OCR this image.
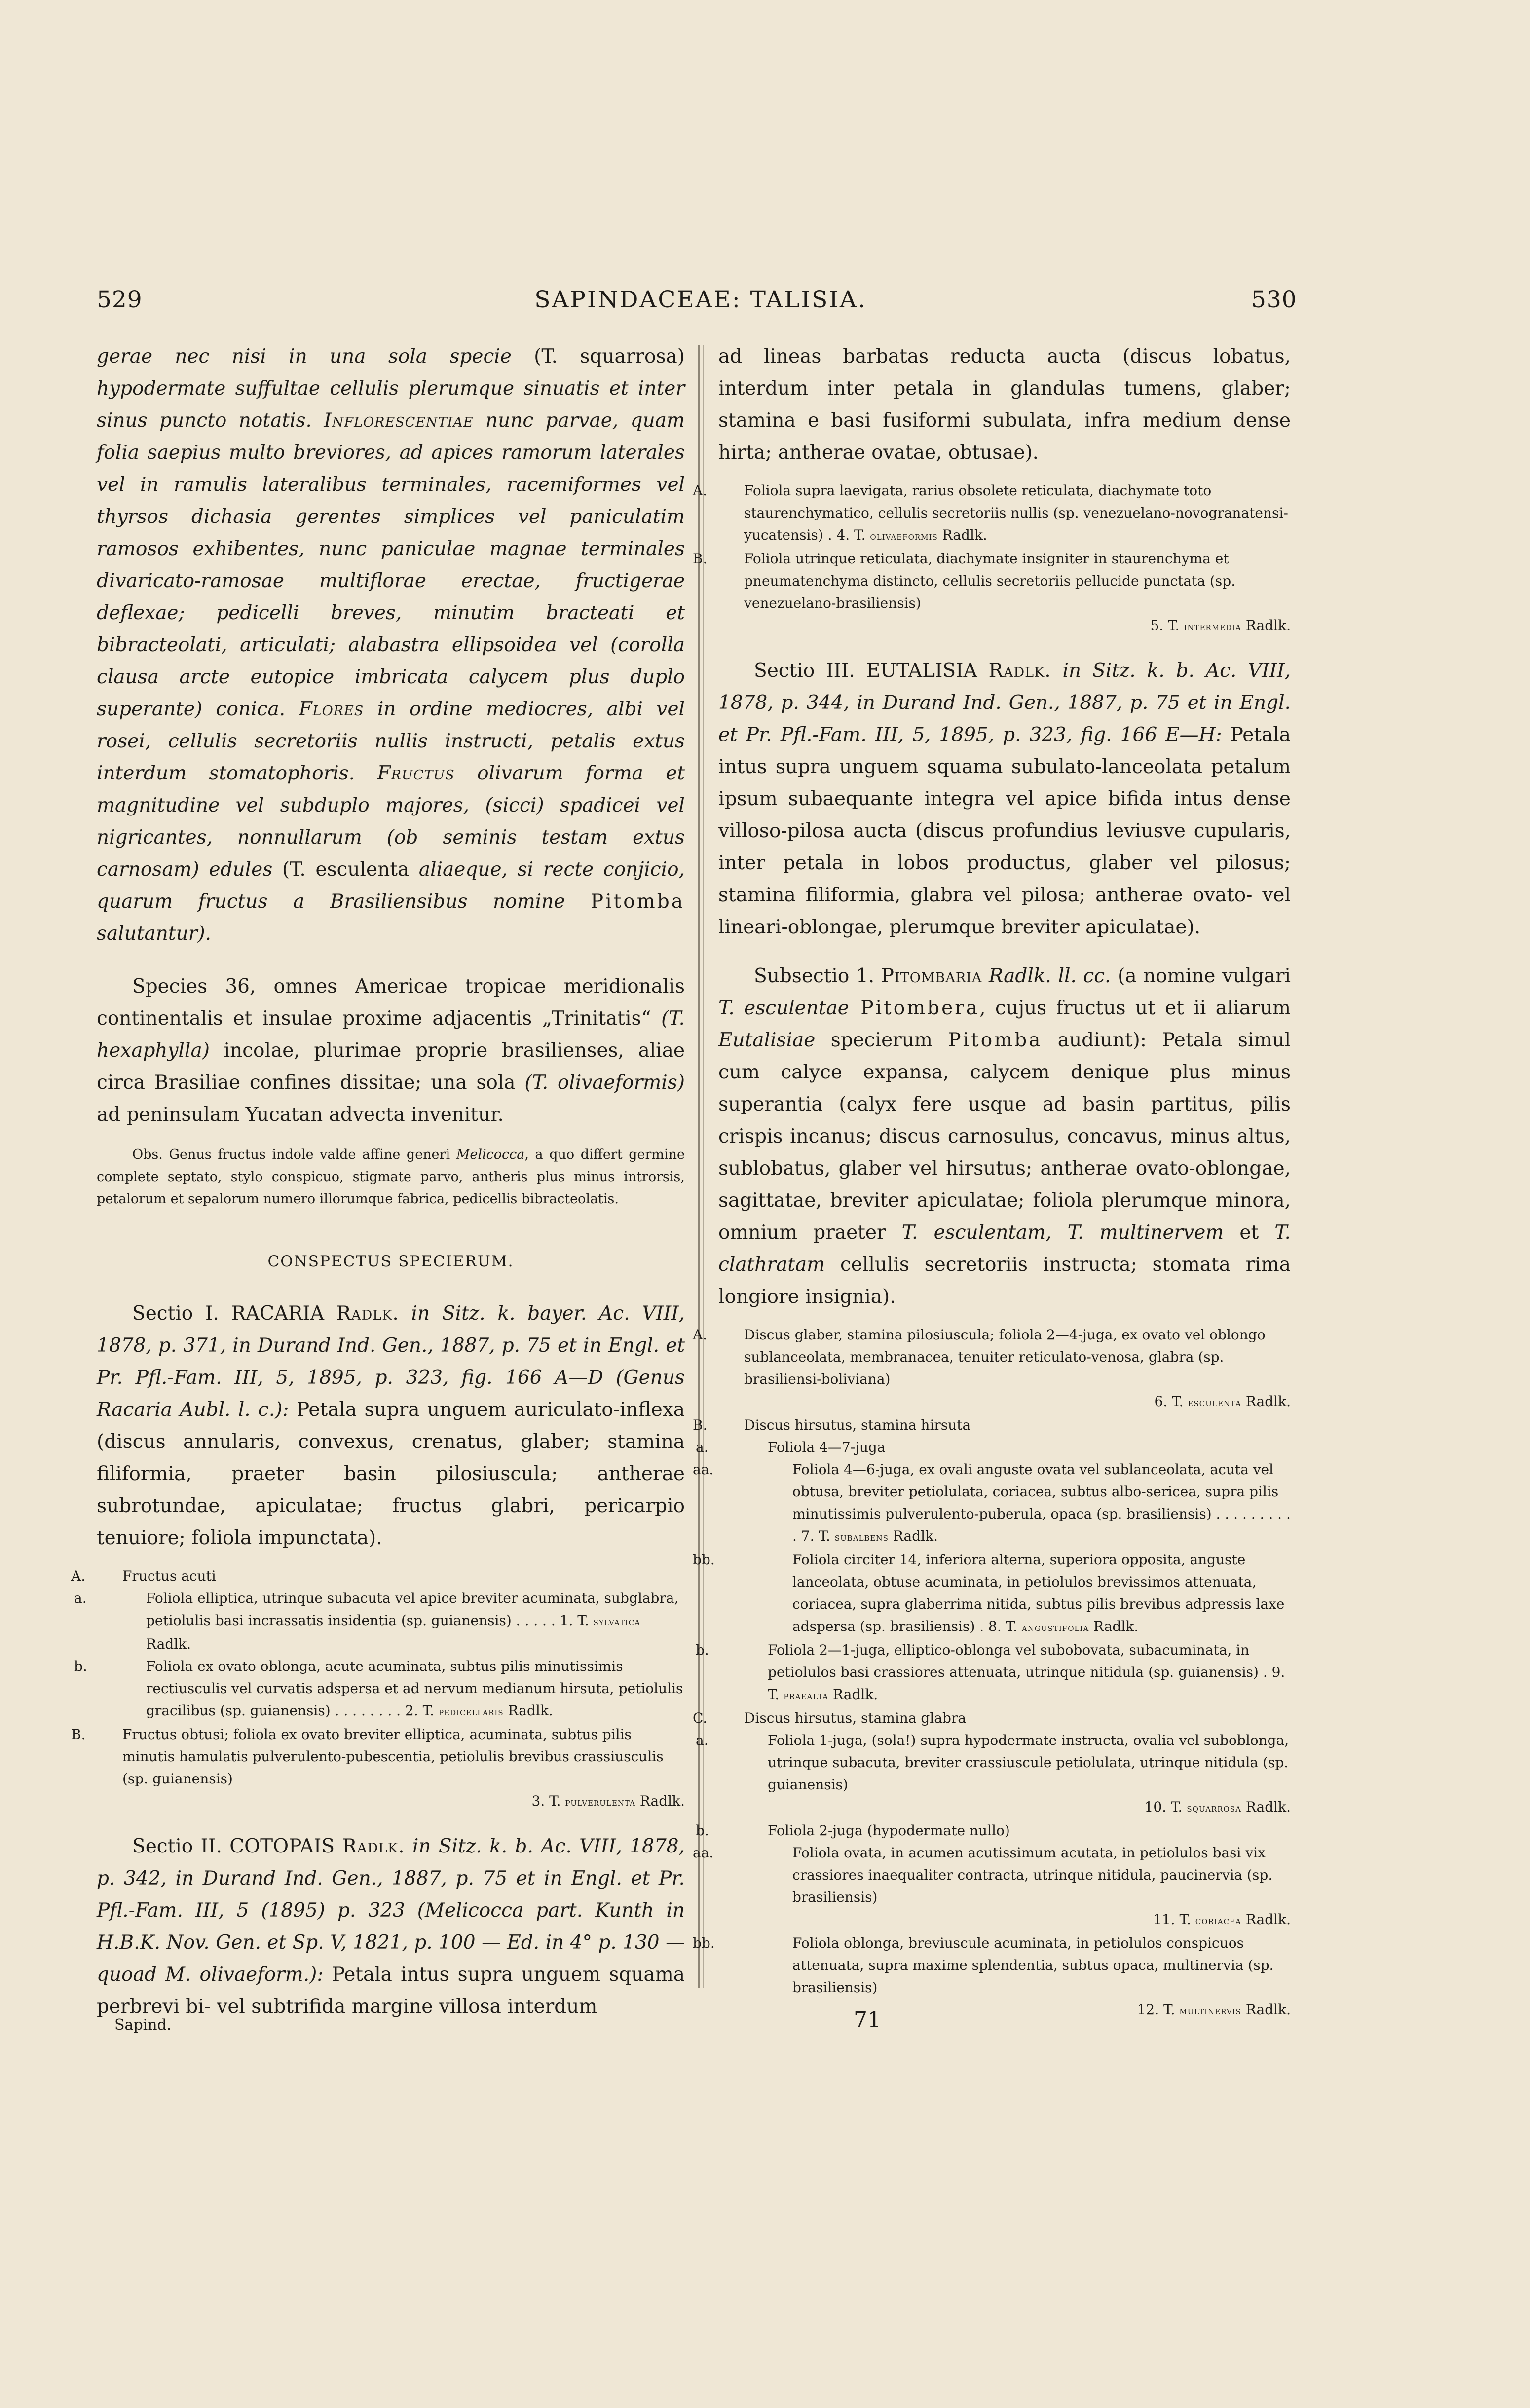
529	SAPINDACEAE: TALISIA.	530

gerae nec nisi in una sola specie (T. squarrosa) hypodermate suffultae cellulis plerumque sinuatis et inter sinus puncto notatis. Inflorescentiae nunc parvae, quam folia saepius multo breviores, ad apices ramorum laterales vel in ramulis lateralibus terminales, racemiformes vel thyrsos dichasia gerentes simplices vel paniculatim ramosos exhibentes, nunc paniculae magnae terminales divaricato-ramosae multiflorae erectae, fructigerae deflexae; pedicelli breves, minutim bracteati et bibracteolati, articulati; alabastra ellipsoidea vel (corolla clausa arcte eutopice imbricata calycem plus duplo superante) conica. Flores in ordine mediocres, albi vel rosei, cellulis secretoriis nullis instructi, petalis extus interdum stomatophoris. Fructus olivarum forma et magnitudine vel subduplo majores, (sicci) spadicei vel nigricantes, nonnullarum (ob seminis testam extus carnosam) edules (T. esculenta aliaeque, si recte conjicio, quarum fructus a Brasiliensibus nomine Pitomba salutantur).

Species 36, omnes Americae tropicae meridionalis continentalis et insulae proxime adjacentis „Trinitatis“ (T. hexaphylla) incolae, plurimae proprie brasilienses, aliae circa Brasiliae confines dissitae; una sola (T. olivaeformis) ad peninsulam Yucatan advecta invenitur.

Obs. Genus fructus indole valde affine generi Melicocca, a quo differt germine complete septato, stylo conspicuo, stigmate parvo, antheris plus minus introrsis, petalorum et sepalorum numero illorumque fabrica, pedicellis bibracteolatis.

CONSPECTUS SPECIERUM.

Sectio I. RACARIA Radlk. in Sitz. k. bayer. Ac. VIII, 1878, p. 371, in Durand Ind. Gen., 1887, p. 75 et in Engl. et Pr. Pfl.-Fam. III, 5, 1895, p. 323, fig. 166 A—D (Genus Racaria Aubl. l. c.): Petala supra unguem auriculato-inflexa (discus annularis, convexus, crenatus, glaber; stamina filiformia, praeter basin pilosiuscula; antherae subrotundae, apiculatae; fructus glabri, pericarpio tenuiore; foliola impunctata).

A.	Fructus acuti
a.	Foliola elliptica, utrinque subacuta vel apice breviter acuminata, subglabra, petiolulis basi incrassatis insidentia (sp. guianensis) . . . . . 1. T. sylvatica Radlk.
b.	Foliola ex ovato oblonga, acute acuminata, subtus pilis minutissimis rectiusculis vel curvatis adspersa et ad nervum medianum hirsuta, petiolulis gracilibus (sp. guianensis) . . . . . . . . 2. T. pedicellaris Radlk.
B.	Fructus obtusi; foliola ex ovato breviter elliptica, acuminata, subtus pilis minutis hamulatis pulverulento-pubescentia, petiolulis brevibus crassiusculis (sp. guianensis)
3. T. pulverulenta Radlk.

Sectio II. COTOPAIS Radlk. in Sitz. k. b. Ac. VIII, 1878, p. 342, in Durand Ind. Gen., 1887, p. 75 et in Engl. et Pr. Pfl.-Fam. III, 5 (1895) p. 323 (Melicocca part. Kunth in H.B.K. Nov. Gen. et Sp. V, 1821, p. 100 — Ed. in 4° p. 130 — quoad M. olivaeform.): Petala intus supra unguem squama perbrevi bi- vel subtrifida margine villosa interdum

ad lineas barbatas reducta aucta (discus lobatus, interdum inter petala in glandulas tumens, glaber; stamina e basi fusiformi subulata, infra medium dense hirta; antherae ovatae, obtusae).

A.	Foliola supra laevigata, rarius obsolete reticulata, diachymate toto staurenchymatico, cellulis secretoriis nullis (sp. venezuelano-novogranatensi-yucatensis) . 4. T. olivaeformis Radlk.
B.	Foliola utrinque reticulata, diachymate insigniter in staurenchyma et pneumatenchyma distincto, cellulis secretoriis pellucide punctata (sp. venezuelano-brasiliensis)
5. T. intermedia Radlk.

Sectio III. EUTALISIA Radlk. in Sitz. k. b. Ac. VIII, 1878, p. 344, in Durand Ind. Gen., 1887, p. 75 et in Engl. et Pr. Pfl.-Fam. III, 5, 1895, p. 323, fig. 166 E—H: Petala intus supra unguem squama subulato-lanceolata petalum ipsum subaequante integra vel apice bifida intus dense villoso-pilosa aucta (discus profundius leviusve cupularis, inter petala in lobos productus, glaber vel pilosus; stamina filiformia, glabra vel pilosa; antherae ovato- vel lineari-oblongae, plerumque breviter apiculatae).

Subsectio 1. Pitombaria Radlk. ll. cc. (a nomine vulgari T. esculentae Pitombera, cujus fructus ut et ii aliarum Eutalisiae specierum Pitomba audiunt): Petala simul cum calyce expansa, calycem denique plus minus superantia (calyx fere usque ad basin partitus, pilis crispis incanus; discus carnosulus, concavus, minus altus, sublobatus, glaber vel hirsutus; antherae ovato-oblongae, sagittatae, breviter apiculatae; foliola plerumque minora, omnium praeter T. esculentam, T. multinervem et T. clathratam cellulis secretoriis instructa; stomata rima longiore insignia).

A.	Discus glaber, stamina pilosiuscula; foliola 2—4-juga, ex ovato vel oblongo sublanceolata, membranacea, tenuiter reticulato-venosa, glabra (sp. brasiliensi-boliviana)
6. T. esculenta Radlk.
B.	Discus hirsutus, stamina hirsuta
a.	Foliola 4—7-juga
aa.	Foliola 4—6-juga, ex ovali anguste ovata vel sublanceolata, acuta vel obtusa, breviter petiolulata, coriacea, subtus albo-sericea, supra pilis minutissimis pulverulento-puberula, opaca (sp. brasiliensis) . . . . . . . . . . 7. T. subalbens Radlk.
bb.	Foliola circiter 14, inferiora alterna, superiora opposita, anguste lanceolata, obtuse acuminata, in petiolulos brevissimos attenuata, coriacea, supra glaberrima nitida, subtus pilis brevibus adpressis laxe adspersa (sp. brasiliensis) . 8. T. angustifolia Radlk.
b.	Foliola 2—1-juga, elliptico-oblonga vel subobovata, subacuminata, in petiolulos basi crassiores attenuata, utrinque nitidula (sp. guianensis) . 9. T. praealta Radlk.
C.	Discus hirsutus, stamina glabra
a.	Foliola 1-juga, (sola!) supra hypodermate instructa, ovalia vel suboblonga, utrinque subacuta, breviter crassiuscule petiolulata, utrinque nitidula (sp. guianensis)
10. T. squarrosa Radlk.
b.	Foliola 2-juga (hypodermate nullo)
aa.	Foliola ovata, in acumen acutissimum acutata, in petiolulos basi vix crassiores inaequaliter contracta, utrinque nitidula, paucinervia (sp. brasiliensis)
11. T. coriacea Radlk.
bb.	Foliola oblonga, breviuscule acuminata, in petiolulos conspicuos attenuata, supra maxime splendentia, subtus opaca, multinervia (sp. brasiliensis)
12. T. multinervis Radlk.
Sapind.	71
